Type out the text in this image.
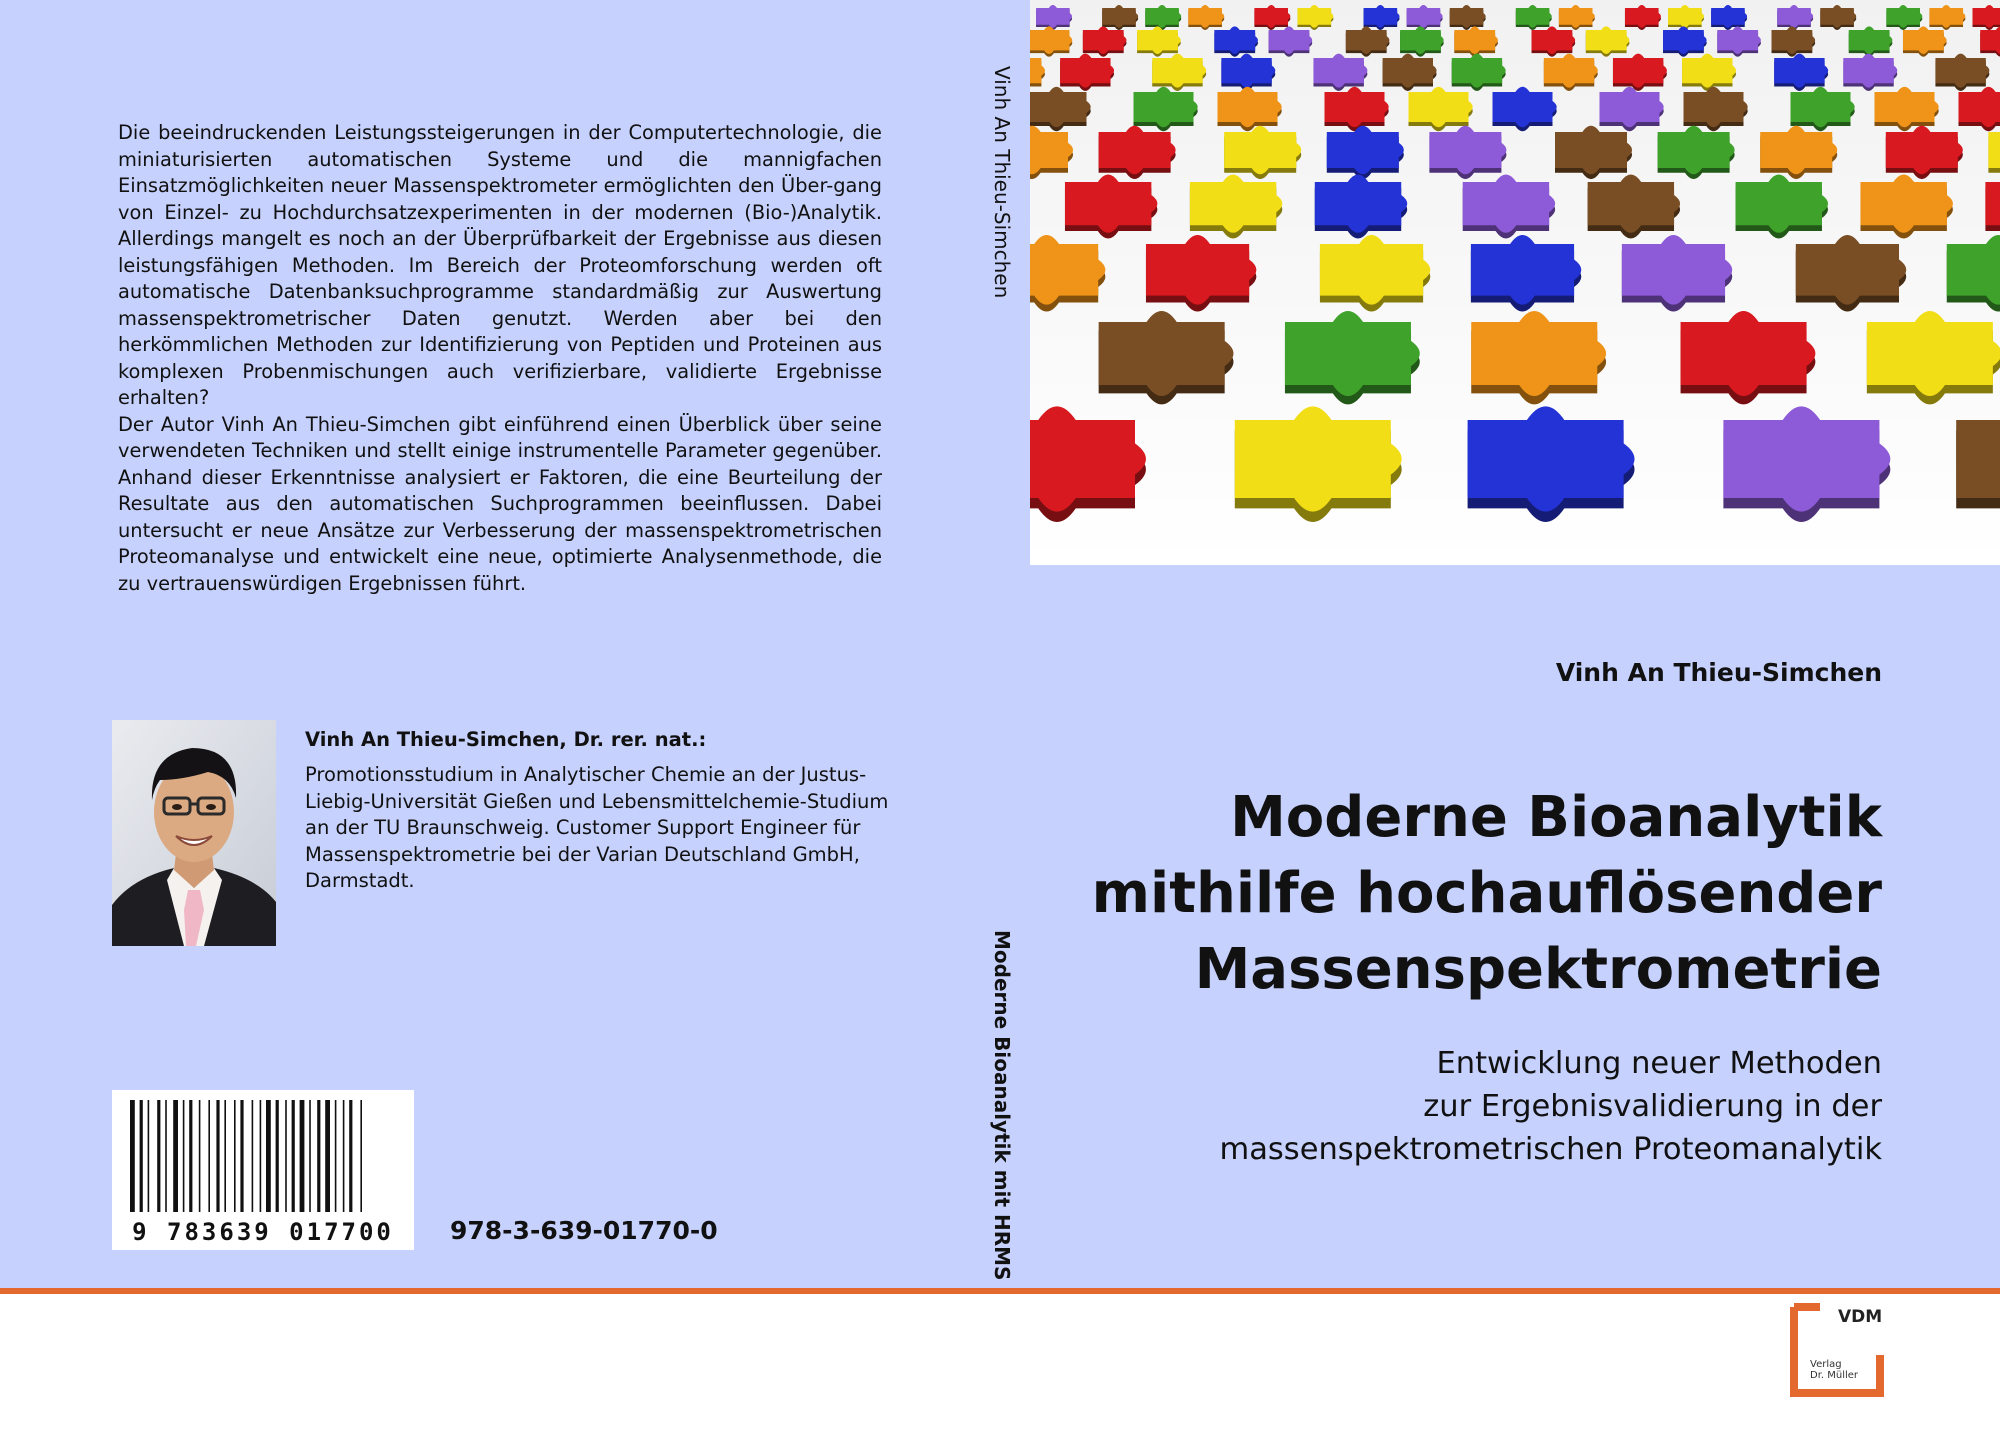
Die beeindruckenden Leistungssteigerungen in der Computertechnologie, die miniaturisierten automatischen Systeme und die mannigfachen Einsatzmöglichkeiten neuer Massenspektrometer ermöglichten den Über-gang von Einzel- zu Hochdurchsatzexperimenten in der modernen (Bio-)Analytik. Allerdings mangelt es noch an der Überprüfbarkeit der Ergebnisse aus diesen leistungsfähigen Methoden. Im Bereich der Proteomforschung werden oft automatische Datenbanksuchprogramme standardmäßig zur Auswertung massenspektrometrischer Daten genutzt. Werden aber bei den herkömmlichen Methoden zur Identifizierung von Peptiden und Proteinen aus komplexen Probenmischungen auch verifizierbare, validierte Ergebnisse erhalten?

Der Autor Vinh An Thieu-Simchen gibt einführend einen Überblick über seine verwendeten Techniken und stellt einige instrumentelle Parameter gegenüber. Anhand dieser Erkenntnisse analysiert er Faktoren, die eine Beurteilung der Resultate aus den automatischen Suchprogrammen beeinflussen. Dabei untersucht er neue Ansätze zur Verbesserung der massenspektrometrischen Proteomanalyse und entwickelt eine neue, optimierte Analysenmethode, die zu vertrauenswürdigen Ergebnissen führt.

Vinh An Thieu-Simchen, Dr. rer. nat.:

Promotionsstudium in Analytischer Chemie an der Justus-Liebig-Universität Gießen und Lebensmittelchemie-Studium an der TU Braunschweig. Customer Support Engineer für Massenspektrometrie bei der Varian Deutschland GmbH, Darmstadt.

9 783639 017700 978-3-639-01770-0
Vinh An Thieu-Simchen
Moderne Bioanalytik mit HRMS
Vinh An Thieu-Simchen
Moderne Bioanalytik
mithilfe hochauflösender
Massenspektrometrie

Entwicklung neuer Methoden
zur Ergebnisvalidierung in der
massenspektrometrischen Proteomanalytik

VDM
Verlag
Dr. Müller
